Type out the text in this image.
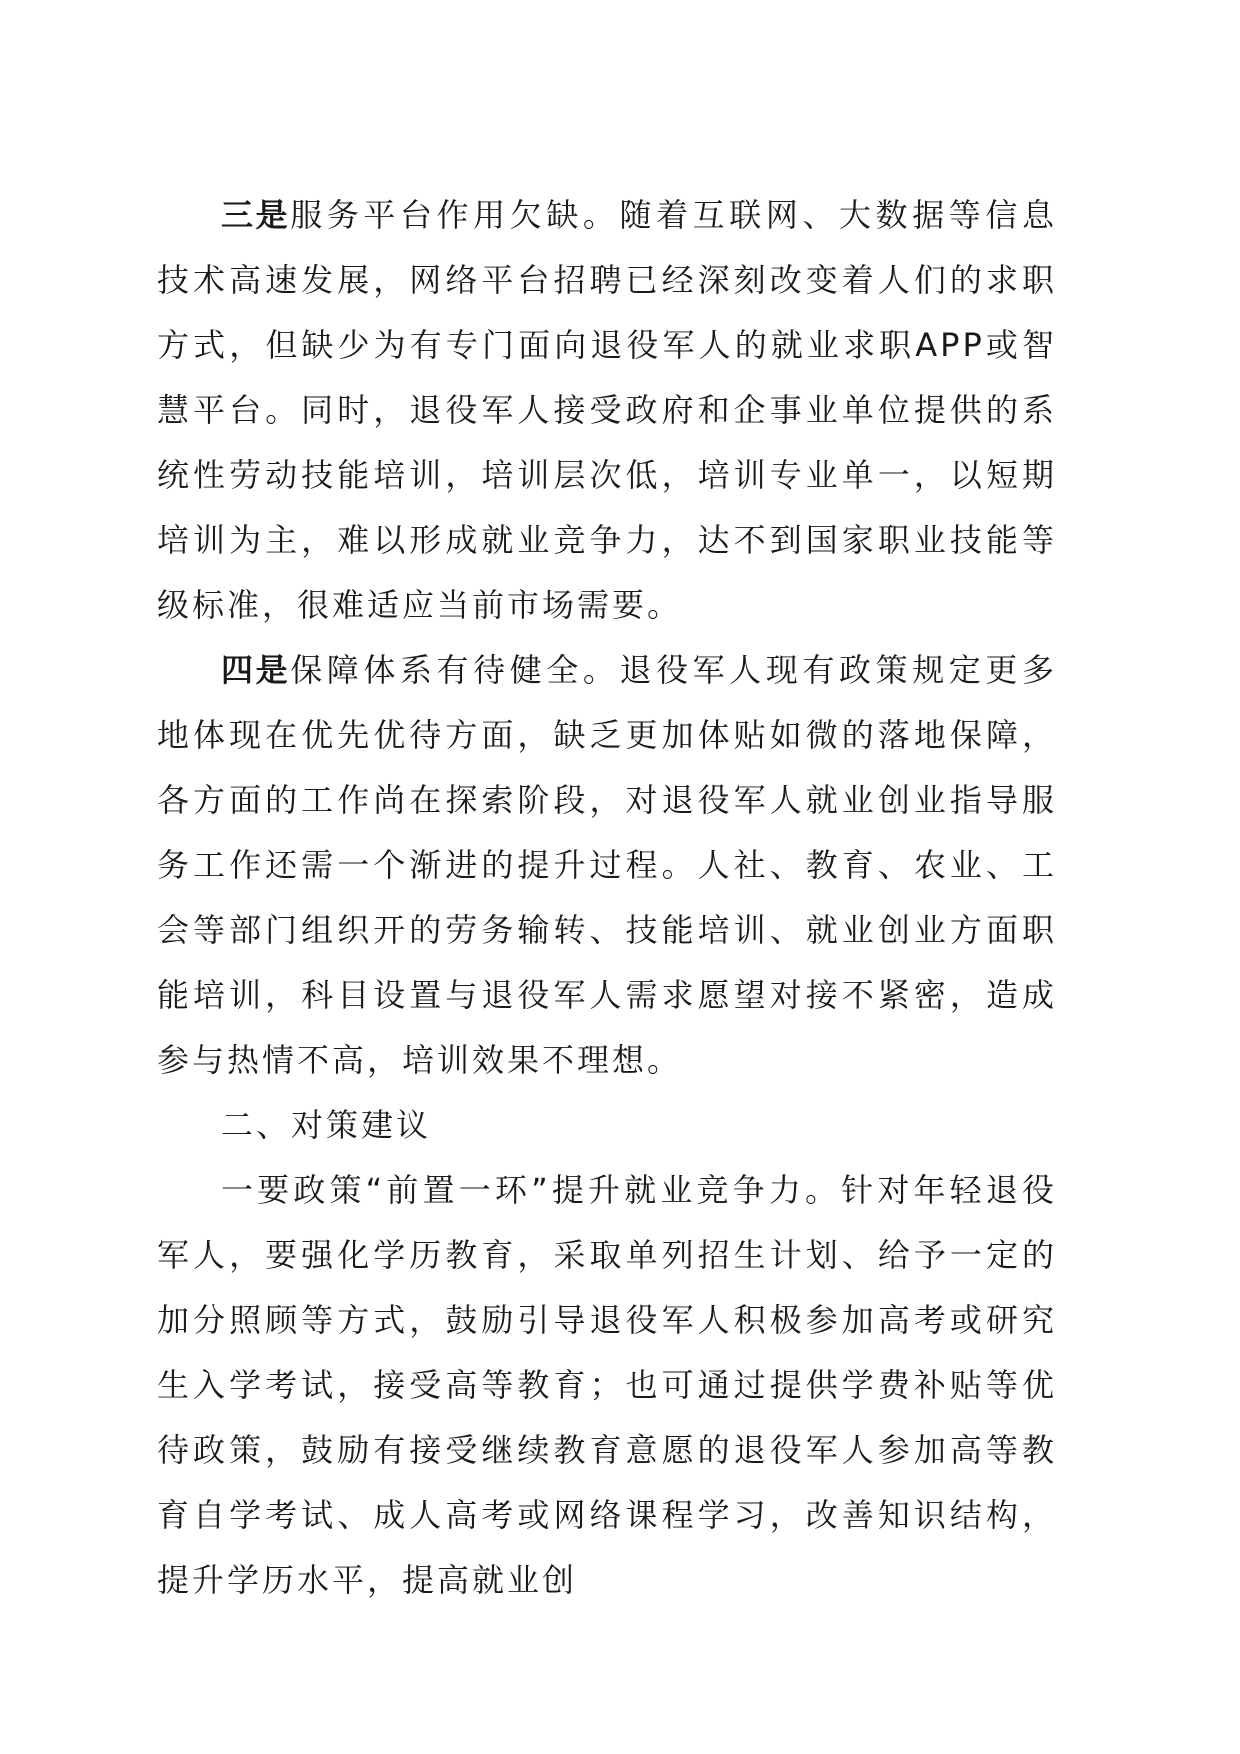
三是服务平台作用欠缺。随着互联网、大数据等信息技术高速发展，网络平台招聘已经深刻改变着人们的求职方式，但缺少为有专门面向退役军人的就业求职APP或智慧平台。同时，退役军人接受政府和企事业单位提供的系统性劳动技能培训，培训层次低，培训专业单一，以短期培训为主，难以形成就业竞争力，达不到国家职业技能等级标准，很难适应当前市场需要。

四是保障体系有待健全。退役军人现有政策规定更多地体现在优先优待方面，缺乏更加体贴如微的落地保障，各方面的工作尚在探索阶段，对退役军人就业创业指导服务工作还需一个渐进的提升过程。人社、教育、农业、工会等部门组织开的劳务输转、技能培训、就业创业方面职能培训，科目设置与退役军人需求愿望对接不紧密，造成参与热情不高，培训效果不理想。

二、对策建议

一要政策“前置一环”提升就业竞争力。针对年轻退役军人，要强化学历教育，采取单列招生计划、给予一定的加分照顾等方式，鼓励引导退役军人积极参加高考或研究生入学考试，接受高等教育；也可通过提供学费补贴等优待政策，鼓励有接受继续教育意愿的退役军人参加高等教育自学考试、成人高考或网络课程学习，改善知识结构，提升学历水平，提高就业创
